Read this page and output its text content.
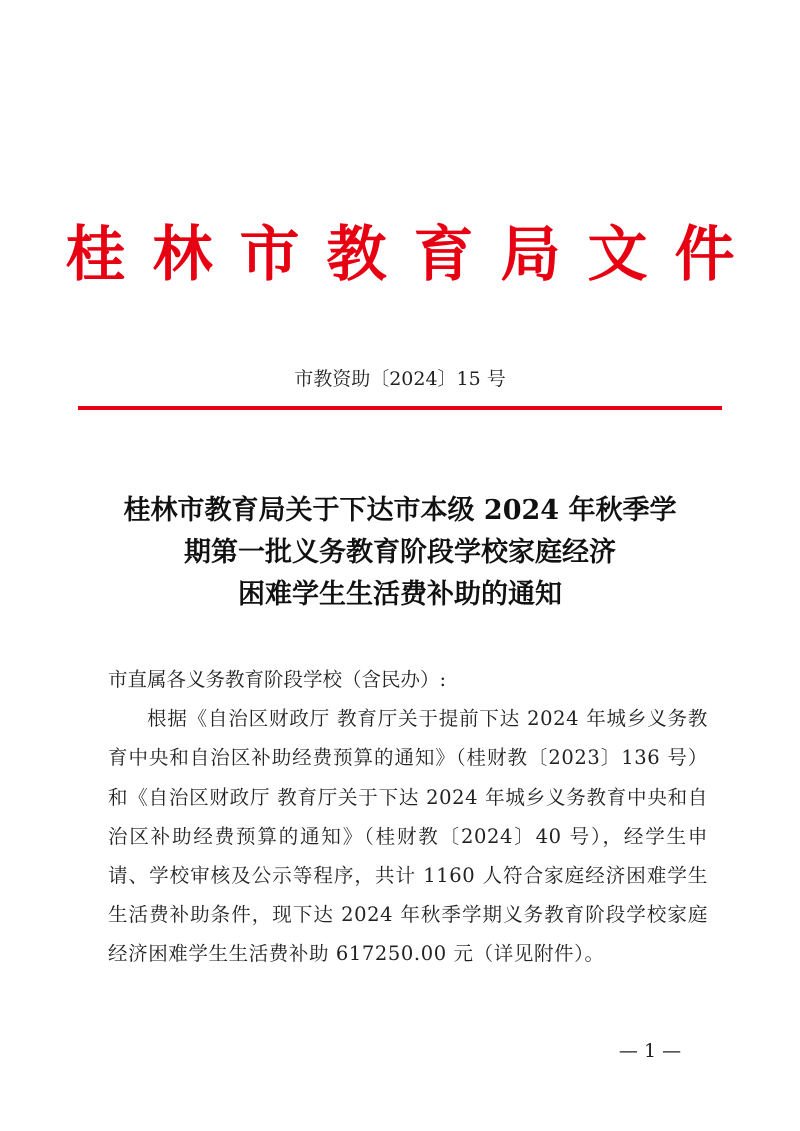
桂林市教育局文件
市教资助〔2024〕15 号
桂林市教育局关于下达市本级 2024 年秋季学
期第一批义务教育阶段学校家庭经济
困难学生生活费补助的通知
市直属各义务教育阶段学校（含民办）:
根据《自治区财政厅 教育厅关于提前下达 2024 年城乡义务教育中央和自治区补助经费预算的通知》（桂财教〔2023〕136 号）和《自治区财政厅 教育厅关于下达 2024 年城乡义务教育中央和自治区补助经费预算的通知》（桂财教〔2024〕40 号），经学生申请、学校审核及公示等程序，共计 1160 人符合家庭经济困难学生生活费补助条件，现下达 2024 年秋季学期义务教育阶段学校家庭经济困难学生生活费补助 617250.00 元（详见附件）。
— 1 —
